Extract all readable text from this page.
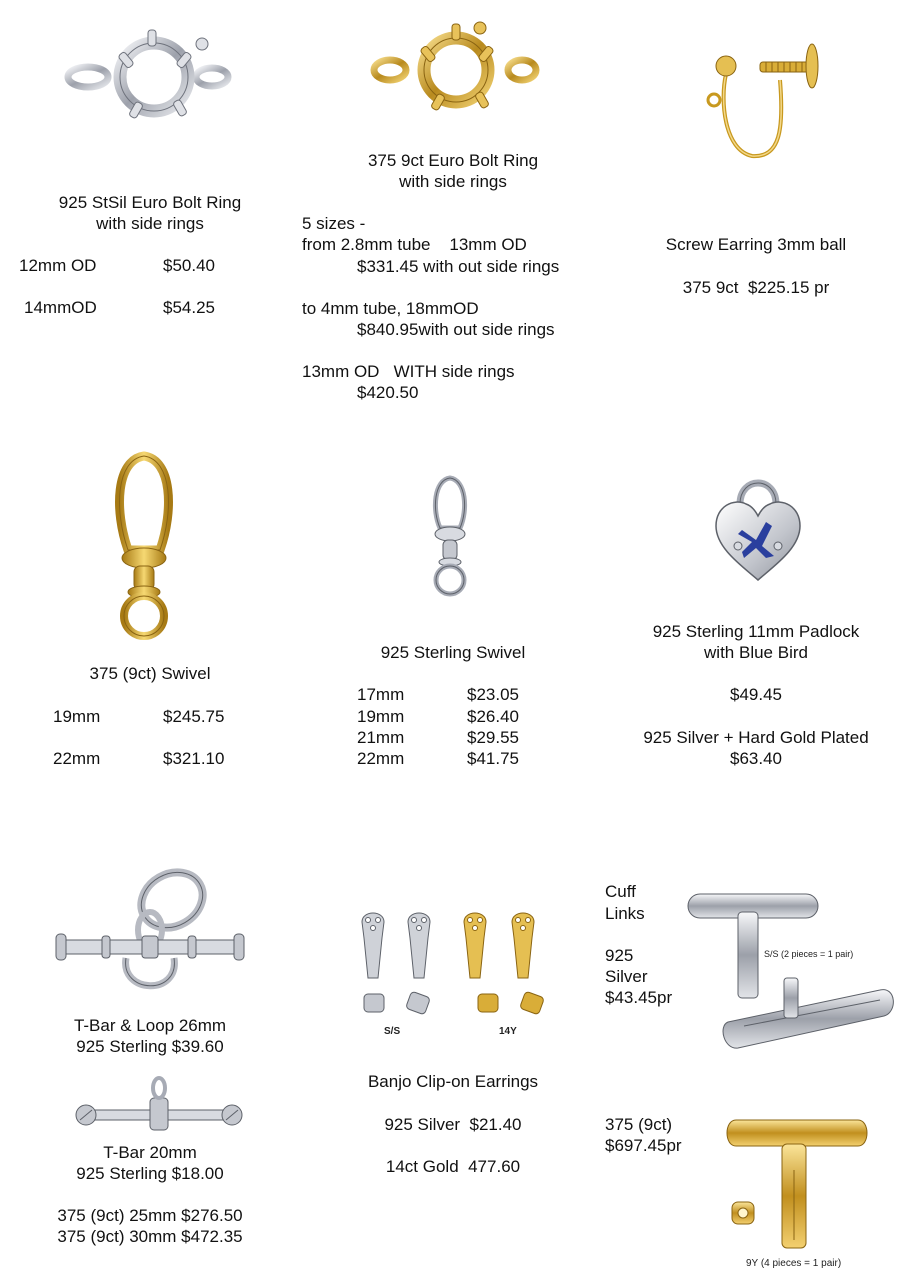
925 StSil Euro Bolt Ring
with side rings
12mm OD	$50.40
14mmOD	$54.25
375 9ct Euro Bolt Ring
with side rings
5 sizes -
from 2.8mm tube    13mm OD
$331.45 with out side rings
to 4mm tube, 18mmOD
$840.95with out side rings
13mm OD   WITH side rings
$420.50
Screw Earring 3mm ball
375 9ct  $225.15 pr
375 (9ct) Swivel
19mm	$245.75
22mm	$321.10
925 Sterling Swivel
17mm	$23.05
19mm	$26.40
21mm	$29.55
22mm	$41.75
925 Sterling 11mm Padlock
with Blue Bird
$49.45
925 Silver + Hard Gold Plated
$63.40
T-Bar & Loop 26mm
925 Sterling $39.60
T-Bar 20mm
925 Sterling $18.00
375 (9ct) 25mm $276.50
375 (9ct) 30mm $472.35
S/S	14Y
Banjo Clip-on Earrings
925 Silver  $21.40
14ct Gold  477.60
Cuff
Links
925
Silver
$43.45pr
S/S (2 pieces = 1 pair)
375 (9ct)
$697.45pr
9Y (4 pieces = 1 pair)
